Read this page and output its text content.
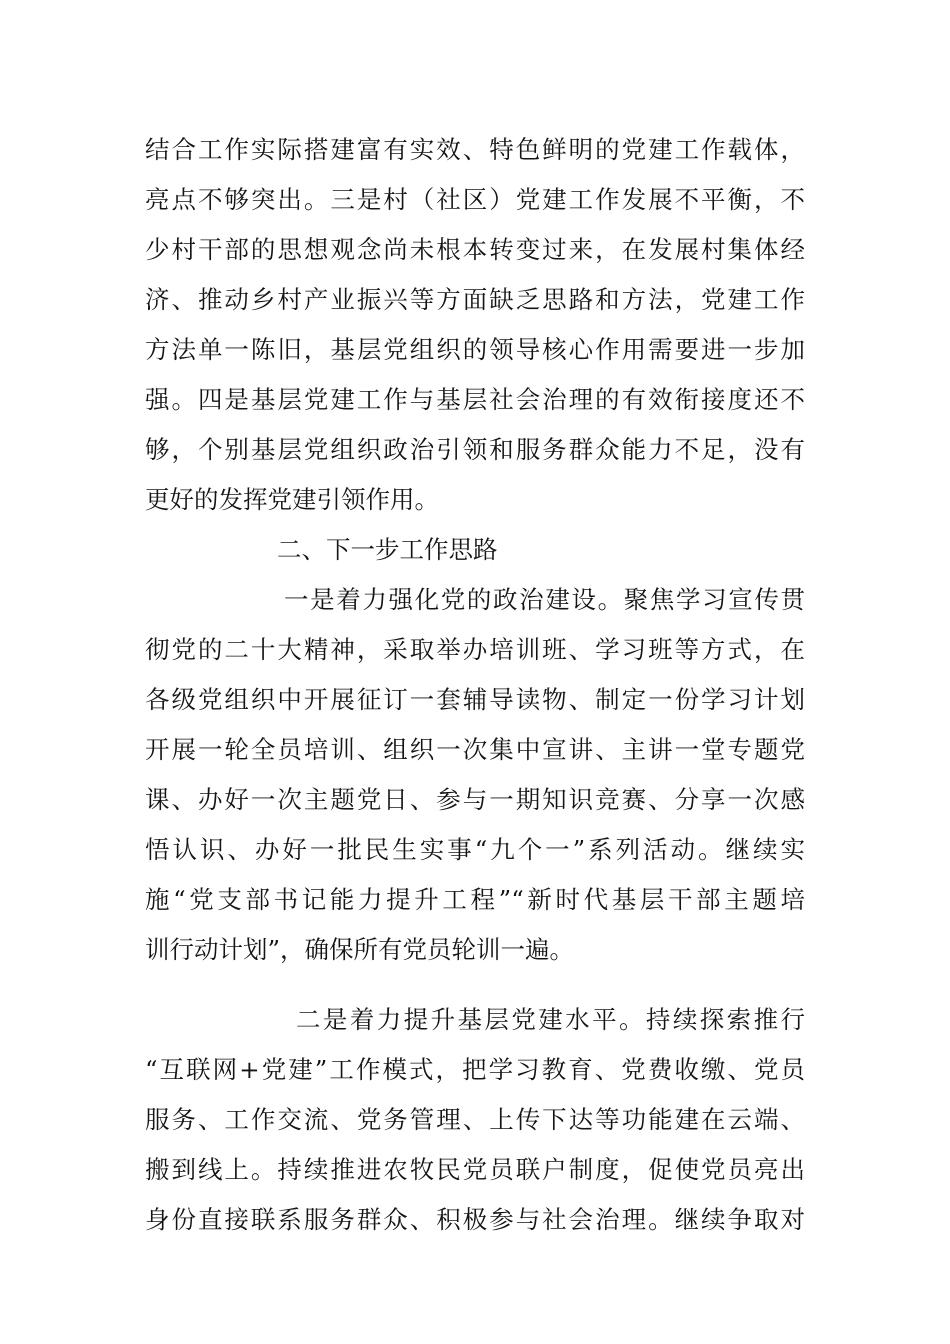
结合工作实际搭建富有实效、特色鲜明的党建工作载体，
亮点不够突出。三是村（社区）党建工作发展不平衡，不
少村干部的思想观念尚未根本转变过来，在发展村集体经
济、推动乡村产业振兴等方面缺乏思路和方法，党建工作
方法单一陈旧，基层党组织的领导核心作用需要进一步加
强。四是基层党建工作与基层社会治理的有效衔接度还不
够，个别基层党组织政治引领和服务群众能力不足，没有
更好的发挥党建引领作用。
二、下一步工作思路
一是着力强化党的政治建设。聚焦学习宣传贯
彻党的二十大精神，采取举办培训班、学习班等方式，在
各级党组织中开展征订一套辅导读物、制定一份学习计划
开展一轮全员培训、组织一次集中宣讲、主讲一堂专题党
课、办好一次主题党日、参与一期知识竞赛、分享一次感
悟认识、办好一批民生实事“九个一”系列活动。继续实
施“党支部书记能力提升工程”“新时代基层干部主题培
训行动计划”，确保所有党员轮训一遍。
二是着力提升基层党建水平。持续探索推行
“互联网+党建”工作模式，把学习教育、党费收缴、党员
服务、工作交流、党务管理、上传下达等功能建在云端、
搬到线上。持续推进农牧民党员联户制度，促使党员亮出
身份直接联系服务群众、积极参与社会治理。继续争取对
